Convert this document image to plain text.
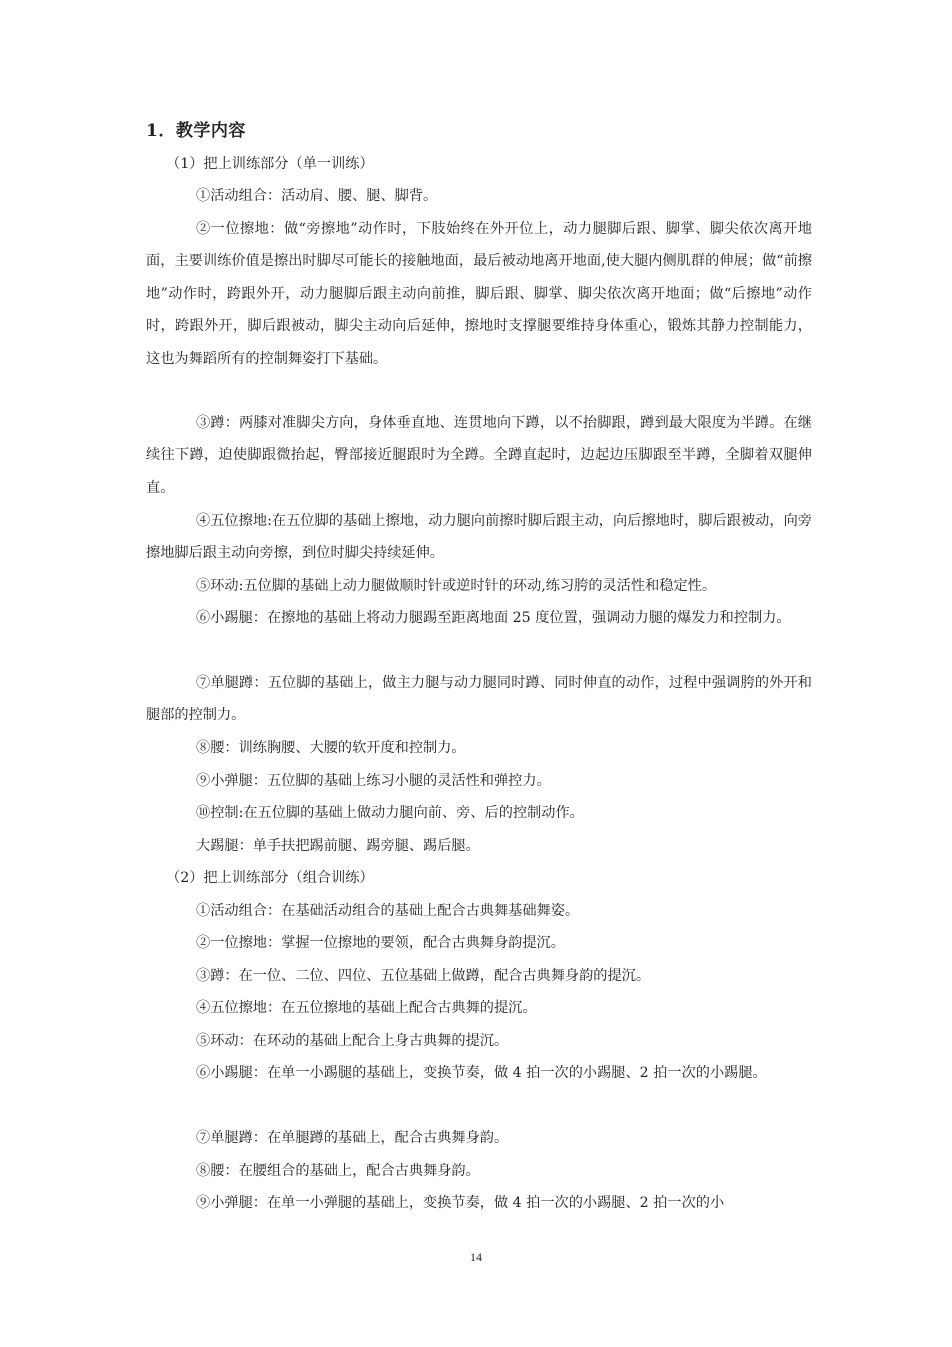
1．教学内容

（1）把上训练部分（单一训练）

①活动组合：活动肩、腰、腿、脚背。

②一位擦地：做“旁擦地”动作时，下肢始终在外开位上，动力腿脚后跟、脚掌、脚尖依次离开地面，主要训练价值是擦出时脚尽可能长的接触地面，最后被动地离开地面,使大腿内侧肌群的伸展；做“前擦地”动作时，跨跟外开，动力腿脚后跟主动向前推，脚后跟、脚掌、脚尖依次离开地面；做“后擦地”动作时，跨跟外开，脚后跟被动，脚尖主动向后延伸，擦地时支撑腿要维持身体重心，锻炼其静力控制能力，这也为舞蹈所有的控制舞姿打下基础。

③蹲：两膝对准脚尖方向，身体垂直地、连贯地向下蹲，以不抬脚跟，蹲到最大限度为半蹲。在继续往下蹲，迫使脚跟微抬起，臀部接近腿跟时为全蹲。全蹲直起时，边起边压脚跟至半蹲，全脚着双腿伸直。

④五位擦地:在五位脚的基础上擦地，动力腿向前擦时脚后跟主动，向后擦地时，脚后跟被动，向旁擦地脚后跟主动向旁擦，到位时脚尖持续延伸。

⑤环动:五位脚的基础上动力腿做顺时针或逆时针的环动,练习胯的灵活性和稳定性。

⑥小踢腿：在擦地的基础上将动力腿踢至距离地面 25 度位置，强调动力腿的爆发力和控制力。

⑦单腿蹲：五位脚的基础上，做主力腿与动力腿同时蹲、同时伸直的动作，过程中强调胯的外开和腿部的控制力。

⑧腰：训练胸腰、大腰的软开度和控制力。

⑨小弹腿：五位脚的基础上练习小腿的灵活性和弹控力。

⑩控制:在五位脚的基础上做动力腿向前、旁、后的控制动作。

大踢腿：单手扶把踢前腿、踢旁腿、踢后腿。

（2）把上训练部分（组合训练）

①活动组合：在基础活动组合的基础上配合古典舞基础舞姿。

②一位擦地：掌握一位擦地的要领，配合古典舞身韵提沉。

③蹲：在一位、二位、四位、五位基础上做蹲，配合古典舞身韵的提沉。

④五位擦地：在五位擦地的基础上配合古典舞的提沉。

⑤环动：在环动的基础上配合上身古典舞的提沉。

⑥小踢腿：在单一小踢腿的基础上，变换节奏，做 4 拍一次的小踢腿、2 拍一次的小踢腿。

⑦单腿蹲：在单腿蹲的基础上，配合古典舞身韵。

⑧腰：在腰组合的基础上，配合古典舞身韵。

⑨小弹腿：在单一小弹腿的基础上，变换节奏，做 4 拍一次的小踢腿、2 拍一次的小

14
